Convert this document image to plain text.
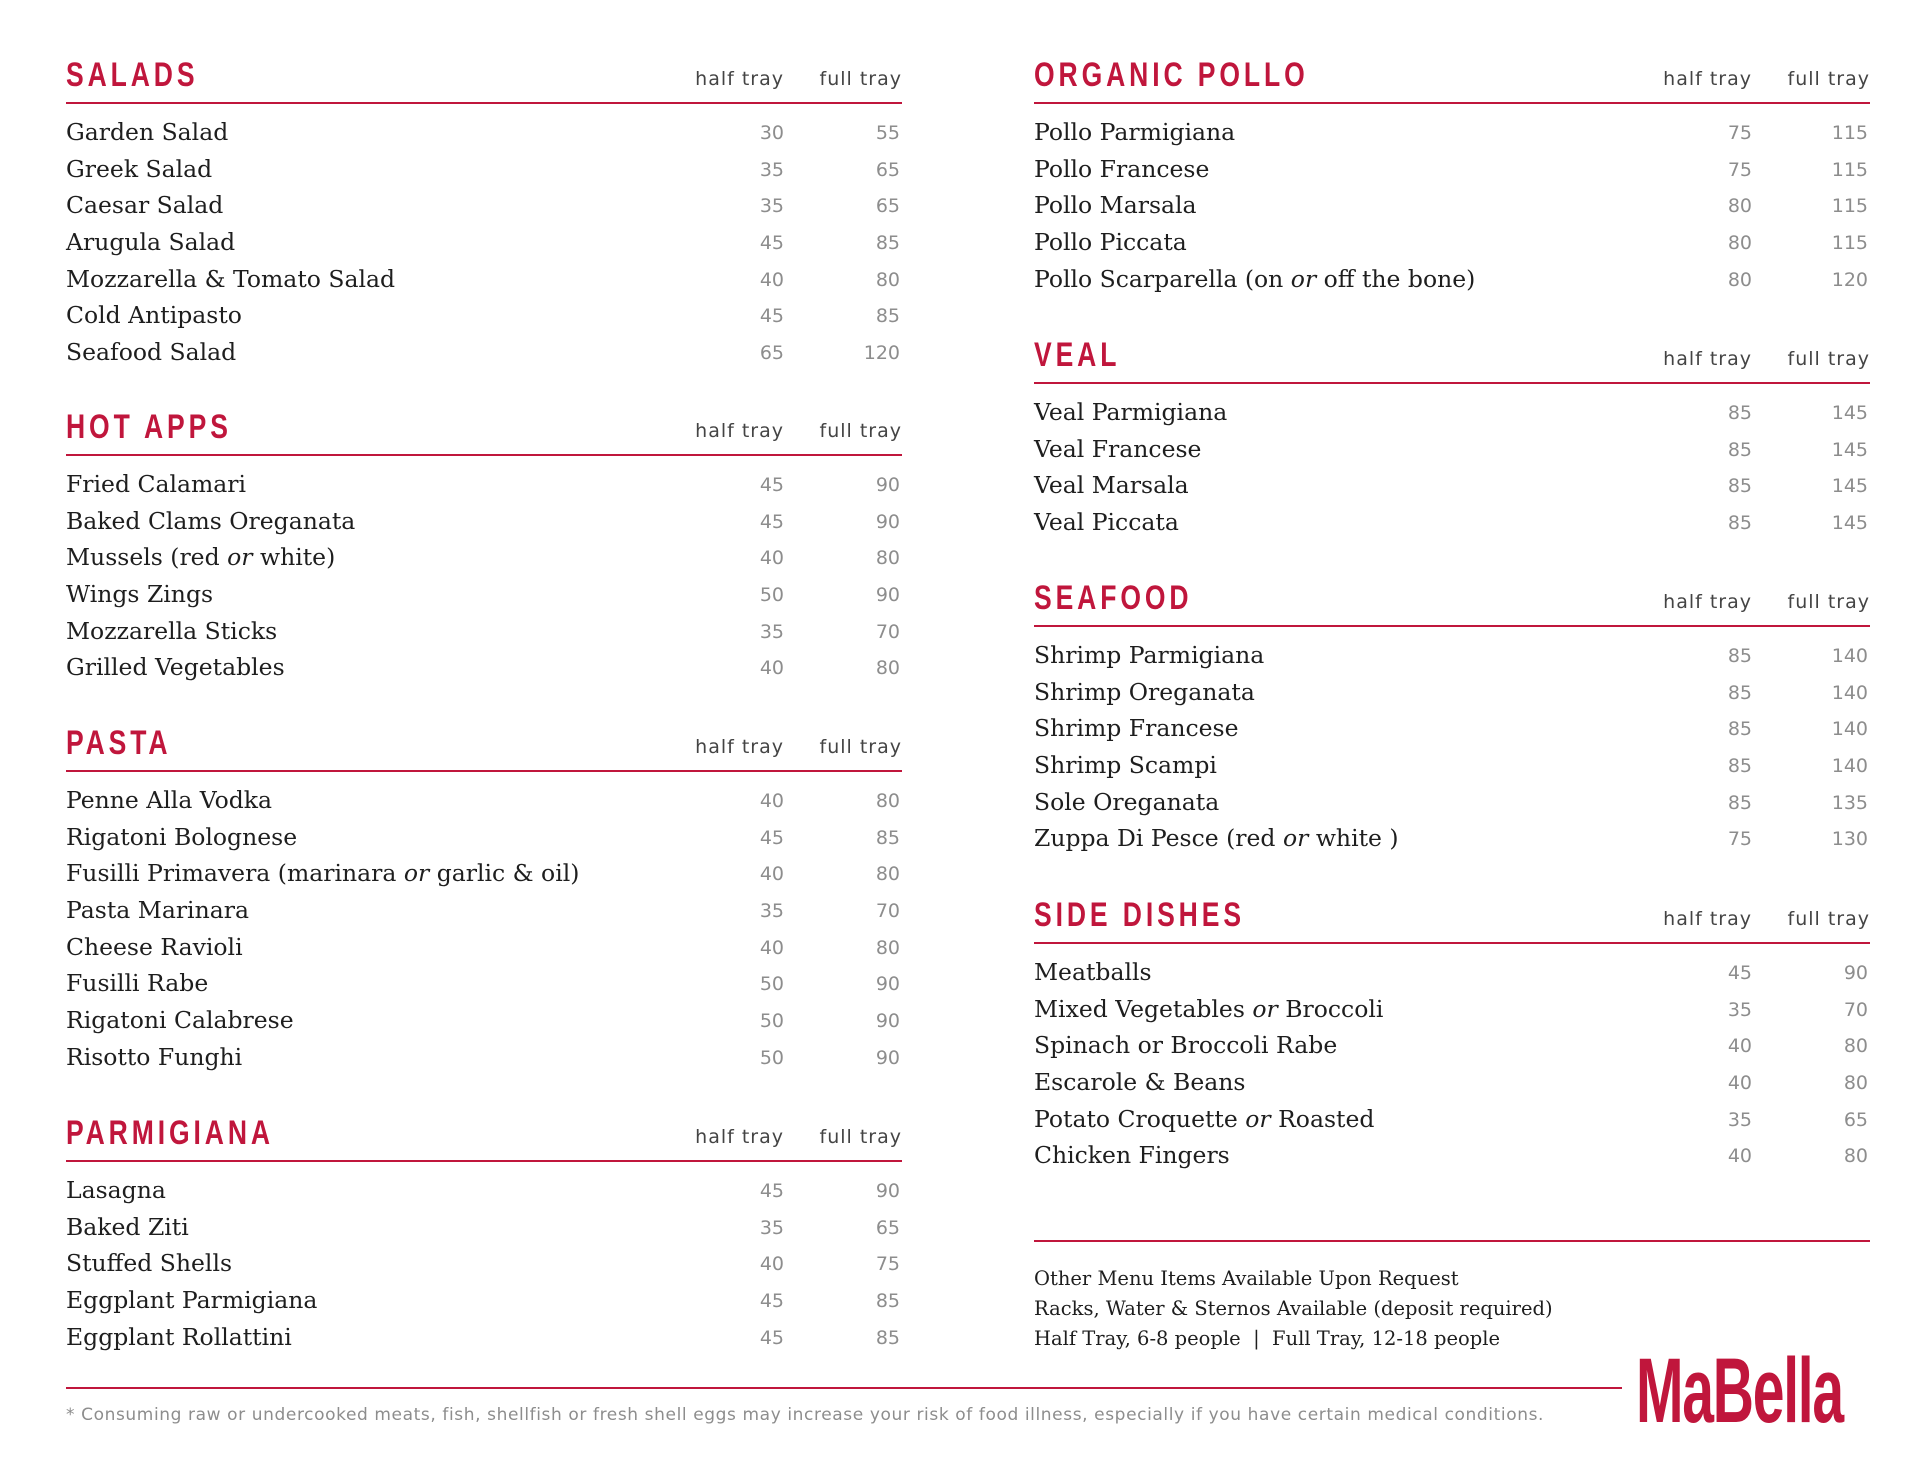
SALADS	half tray full tray
Garden Salad	30	55
Greek Salad	35	65
Caesar Salad	35	65
Arugula Salad	45	85
Mozzarella & Tomato Salad	40	80
Cold Antipasto	45	85
Seafood Salad	65	120
HOT APPS	half tray full tray
Fried Calamari	45	90
Baked Clams Oreganata	45	90
Mussels (red or white)	40	80
Wings Zings	50	90
Mozzarella Sticks	35	70
Grilled Vegetables	40	80
PASTA	half tray full tray
Penne Alla Vodka	40	80
Rigatoni Bolognese	45	85
Fusilli Primavera (marinara or garlic & oil)	40	80
Pasta Marinara	35	70
Cheese Ravioli	40	80
Fusilli Rabe	50	90
Rigatoni Calabrese	50	90
Risotto Funghi	50	90
PARMIGIANA	half tray full tray
Lasagna	45	90
Baked Ziti	35	65
Stuffed Shells	40	75
Eggplant Parmigiana	45	85
Eggplant Rollattini	45	85
ORGANIC POLLO	half tray full tray
Pollo Parmigiana	75	115
Pollo Francese	75	115
Pollo Marsala	80	115
Pollo Piccata	80	115
Pollo Scarparella (on or off the bone)	80	120
VEAL	half tray full tray
Veal Parmigiana	85	145
Veal Francese	85	145
Veal Marsala	85	145
Veal Piccata	85	145
SEAFOOD	half tray full tray
Shrimp Parmigiana	85	140
Shrimp Oreganata	85	140
Shrimp Francese	85	140
Shrimp Scampi	85	140
Sole Oreganata	85	135
Zuppa Di Pesce (red or white )	75	130
SIDE DISHES	half tray full tray
Meatballs	45	90
Mixed Vegetables or Broccoli	35	70
Spinach or Broccoli Rabe	40	80
Escarole & Beans	40	80
Potato Croquette or Roasted	35	65
Chicken Fingers	40	80
Other Menu Items Available Upon Request
Racks, Water & Sternos Available (deposit required)
Half Tray, 6-8 people  |  Full Tray, 12-18 people
* Consuming raw or undercooked meats, fish, shellfish or fresh shell eggs may increase your risk of food illness, especially if you have certain medical conditions. MaBella
